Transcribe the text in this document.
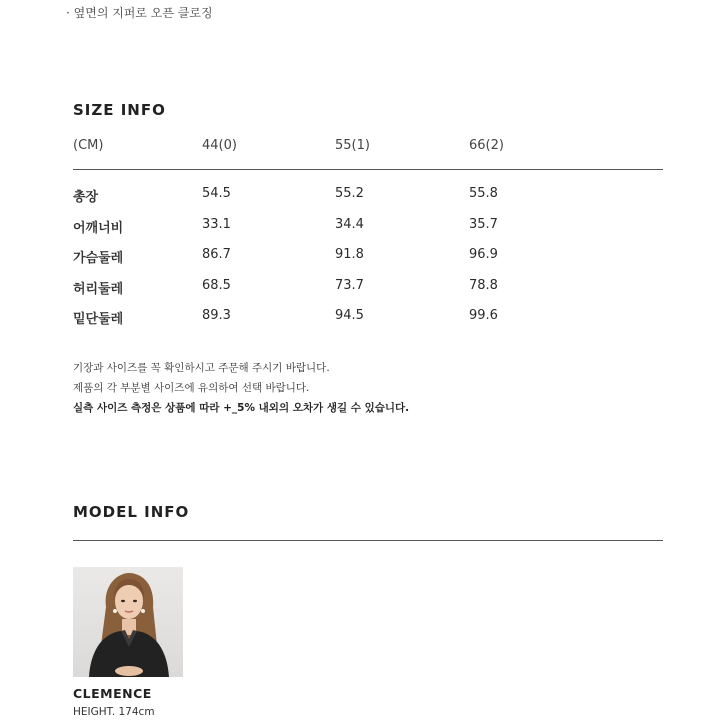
· 옆면의 지퍼로 오픈 클로징
SIZE INFO
(CM)	44(0)	55(1)	66(2)
총장	54.5	55.2	55.8
어깨너비	33.1	34.4	35.7
가슴둘레	86.7	91.8	96.9
허리둘레	68.5	73.7	78.8
밑단둘레	89.3	94.5	99.6
기장과 사이즈를 꼭 확인하시고 주문해 주시기 바랍니다.
제품의 각 부분별 사이즈에 유의하여 선택 바랍니다.
실측 사이즈 측정은 상품에 따라 +_5% 내외의 오차가 생길 수 있습니다.
MODEL INFO
CLEMENCE
HEIGHT. 174cm
